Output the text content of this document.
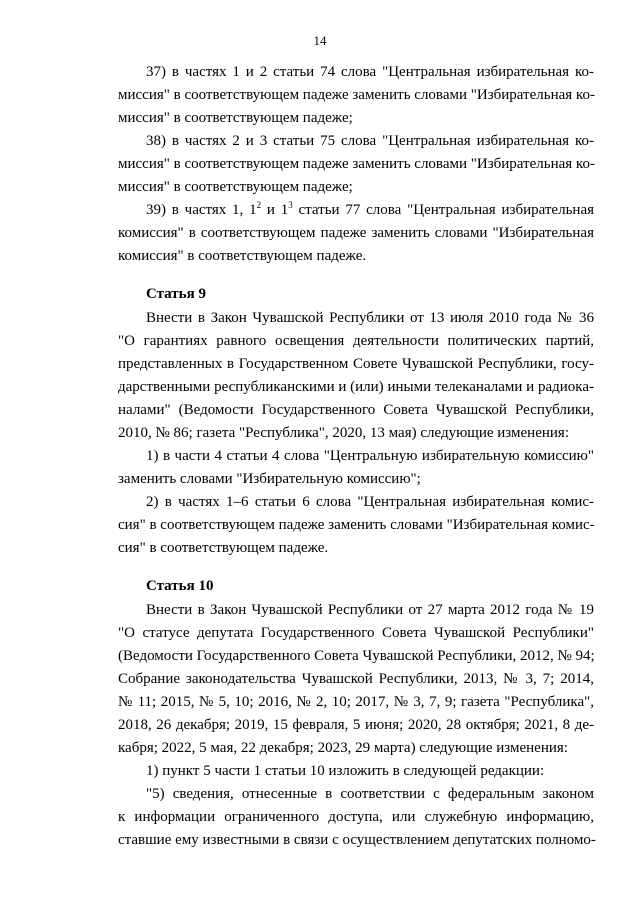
14
37) в частях 1 и 2 статьи 74 слова "Центральная избирательная ко-
миссия" в соответствующем падеже заменить словами "Избирательная ко-
миссия" в соответствующем падеже;
38) в частях 2 и 3 статьи 75 слова "Центральная избирательная ко-
миссия" в соответствующем падеже заменить словами "Избирательная ко-
миссия" в соответствующем падеже;
39) в частях 1, $1^2$ и $1^3$ статьи 77 слова "Центральная избирательная
комиссия" в соответствующем падеже заменить словами "Избирательная
комиссия" в соответствующем падеже.
Статья 9
Внести в Закон Чувашской Республики от 13 июля 2010 года № 36
"О гарантиях равного освещения деятельности политических партий,
представленных в Государственном Совете Чувашской Республики, госу-
дарственными республиканскими и (или) иными телеканалами и радиока-
налами" (Ведомости Государственного Совета Чувашской Республики,
2010, № 86; газета "Республика", 2020, 13 мая) следующие изменения:
1) в части 4 статьи 4 слова "Центральную избирательную комиссию"
заменить словами "Избирательную комиссию";
2) в частях 1–6 статьи 6 слова "Центральная избирательная комис-
сия" в соответствующем падеже заменить словами "Избирательная комис-
сия" в соответствующем падеже.
Статья 10
Внести в Закон Чувашской Республики от 27 марта 2012 года № 19
"О статусе депутата Государственного Совета Чувашской Республики"
(Ведомости Государственного Совета Чувашской Республики, 2012, № 94;
Собрание законодательства Чувашской Республики, 2013, № 3, 7; 2014,
№ 11; 2015, № 5, 10; 2016, № 2, 10; 2017, № 3, 7, 9; газета "Республика",
2018, 26 декабря; 2019, 15 февраля, 5 июня; 2020, 28 октября; 2021, 8 де-
кабря; 2022, 5 мая, 22 декабря; 2023, 29 марта) следующие изменения:
1) пункт 5 части 1 статьи 10 изложить в следующей редакции:
"5) сведения, отнесенные в соответствии с федеральным законом
к информации ограниченного доступа, или служебную информацию,
ставшие ему известными в связи с осуществлением депутатских полномо-
